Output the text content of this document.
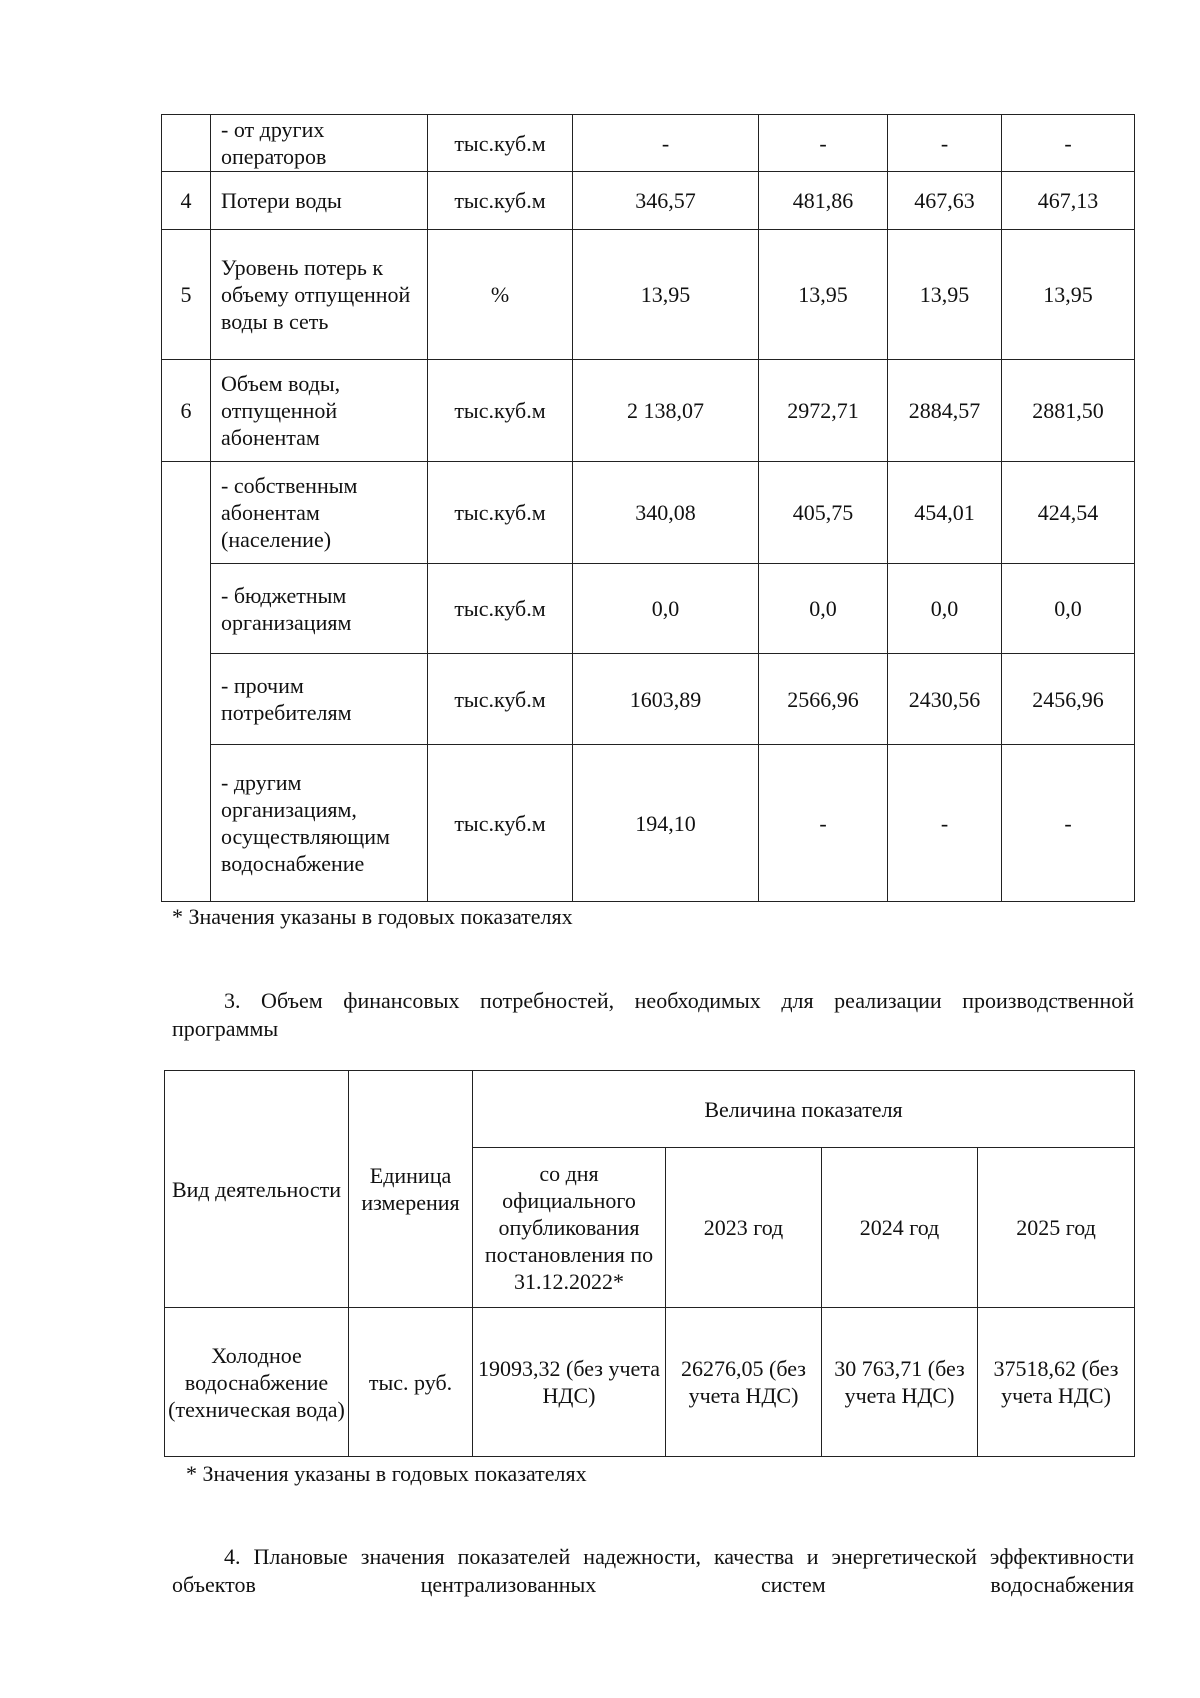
	- от других операторов	тыс.куб.м	-	-	-	-
4	Потери воды	тыс.куб.м	346,57	481,86	467,63	467,13
5	Уровень потерь к объему отпущенной воды в сеть	%	13,95	13,95	13,95	13,95
6	Объем воды, отпущенной абонентам	тыс.куб.м	2 138,07	2972,71	2884,57	2881,50
	- собственным абонентам (население)	тыс.куб.м	340,08	405,75	454,01	424,54
	- бюджетным организациям	тыс.куб.м	0,0	0,0	0,0	0,0
	- прочим потребителям	тыс.куб.м	1603,89	2566,96	2430,56	2456,96
	- другим организациям, осуществляющим водоснабжение	тыс.куб.м	194,10	-	-	-
* Значения указаны в годовых показателях
3. Объем финансовых потребностей, необходимых для реализации производственной программы
Вид деятельности	Единица измерения	Величина показателя			
		со дня официального опубликования постановления по 31.12.2022*	2023 год	2024 год	2025 год
Холодное водоснабжение (техническая вода)	тыс. руб.	19093,32 (без учета НДС)	26276,05 (без учета НДС)	30 763,71 (без учета НДС)	37518,62 (без учета НДС)
* Значения указаны в годовых показателях
4. Плановые значения показателей надежности, качества и энергетической эффективности объектов централизованных систем водоснабжения
